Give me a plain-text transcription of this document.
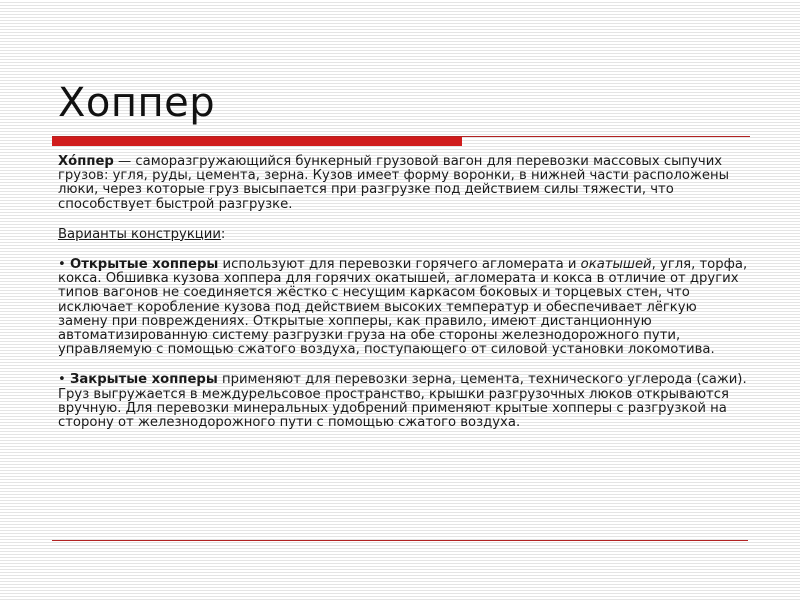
Хоппер

Хóппер — саморазгружающийся бункерный грузовой вагон для перевозки массовых сыпучих грузов: угля, руды, цемента, зерна. Кузов имеет форму воронки, в нижней части расположены люки, через которые груз высыпается при разгрузке под действием силы тяжести, что способствует быстрой разгрузке.

Варианты конструкции:

• Открытые хопперы используют для перевозки горячего агломерата и окатышей, угля, торфа, кокса. Обшивка кузова хоппера для горячих окатышей, агломерата и кокса в отличие от других типов вагонов не соединяется жёстко с несущим каркасом боковых и торцевых стен, что исключает коробление кузова под действием высоких температур и обеспечивает лёгкую замену при повреждениях. Открытые хопперы, как правило, имеют дистанционную автоматизированную систему разгрузки груза на обе стороны железнодорожного пути, управляемую с помощью сжатого воздуха, поступающего от силовой установки локомотива.

• Закрытые хопперы применяют для перевозки зерна, цемента, технического углерода (сажи). Груз выгружается в междурельсовое пространство, крышки разгрузочных люков открываются вручную. Для перевозки минеральных удобрений применяют крытые хопперы с разгрузкой на сторону от железнодорожного пути с помощью сжатого воздуха.
